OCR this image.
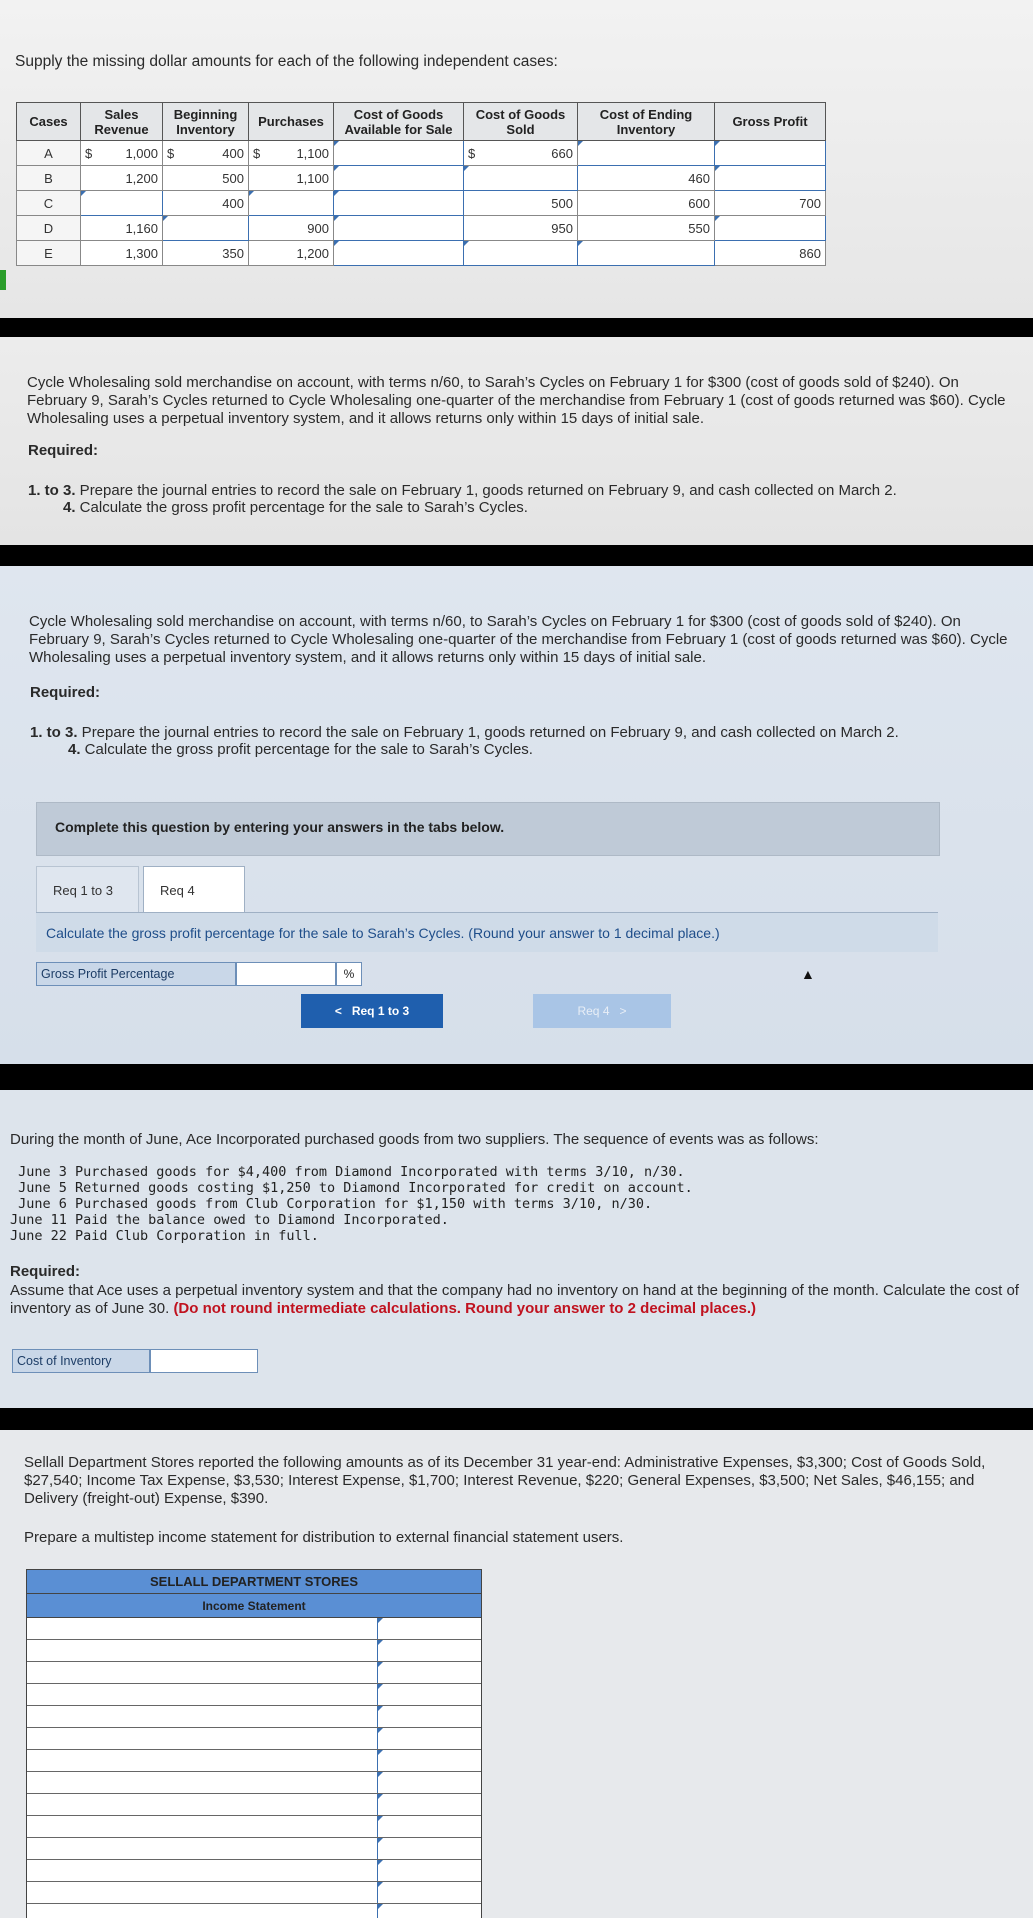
Supply the missing dollar amounts for each of the following independent cases:
Cases	Sales Revenue	Beginning Inventory	Purchases	Cost of Goods Available for Sale	Cost of Goods Sold	Cost of Ending Inventory	Gross Profit
A	$ 1,000	$ 400	$ 1,100		$ 660		
B	1,200	500	1,100			460	
C		400			500	600	700
D	1,160		900		950	550	
E	1,300	350	1,200				860
Cycle Wholesaling sold merchandise on account, with terms n/60, to Sarah’s Cycles on February 1 for $300 (cost of goods sold of $240). On February 9, Sarah’s Cycles returned to Cycle Wholesaling one-quarter of the merchandise from February 1 (cost of goods returned was $60). Cycle Wholesaling uses a perpetual inventory system, and it allows returns only within 15 days of initial sale.
Required:
1. to 3. Prepare the journal entries to record the sale on February 1, goods returned on February 9, and cash collected on March 2.
4. Calculate the gross profit percentage for the sale to Sarah’s Cycles.
Cycle Wholesaling sold merchandise on account, with terms n/60, to Sarah’s Cycles on February 1 for $300 (cost of goods sold of $240). On February 9, Sarah’s Cycles returned to Cycle Wholesaling one-quarter of the merchandise from February 1 (cost of goods returned was $60). Cycle Wholesaling uses a perpetual inventory system, and it allows returns only within 15 days of initial sale.
Required:
1. to 3. Prepare the journal entries to record the sale on February 1, goods returned on February 9, and cash collected on March 2.
4. Calculate the gross profit percentage for the sale to Sarah’s Cycles.
Complete this question by entering your answers in the tabs below.
Req 1 to 3	Req 4
Calculate the gross profit percentage for the sale to Sarah’s Cycles. (Round your answer to 1 decimal place.)
Gross Profit Percentage	%	▲
<   Req 1 to 3	Req 4   >
During the month of June, Ace Incorporated purchased goods from two suppliers. The sequence of events was as follows:
June 3 Purchased goods for $4,400 from Diamond Incorporated with terms 3/10, n/30.
June 5 Returned goods costing $1,250 to Diamond Incorporated for credit on account.
June 6 Purchased goods from Club Corporation for $1,150 with terms 3/10, n/30.
June 11 Paid the balance owed to Diamond Incorporated.
June 22 Paid Club Corporation in full.
Required:
Assume that Ace uses a perpetual inventory system and that the company had no inventory on hand at the beginning of the month. Calculate the cost of inventory as of June 30. (Do not round intermediate calculations. Round your answer to 2 decimal places.)
Cost of Inventory
Sellall Department Stores reported the following amounts as of its December 31 year-end: Administrative Expenses, $3,300; Cost of Goods Sold, $27,540; Income Tax Expense, $3,530; Interest Expense, $1,700; Interest Revenue, $220; General Expenses, $3,500; Net Sales, $46,155; and Delivery (freight-out) Expense, $390.
Prepare a multistep income statement for distribution to external financial statement users.
SELLALL DEPARTMENT STORES
Income Statement
